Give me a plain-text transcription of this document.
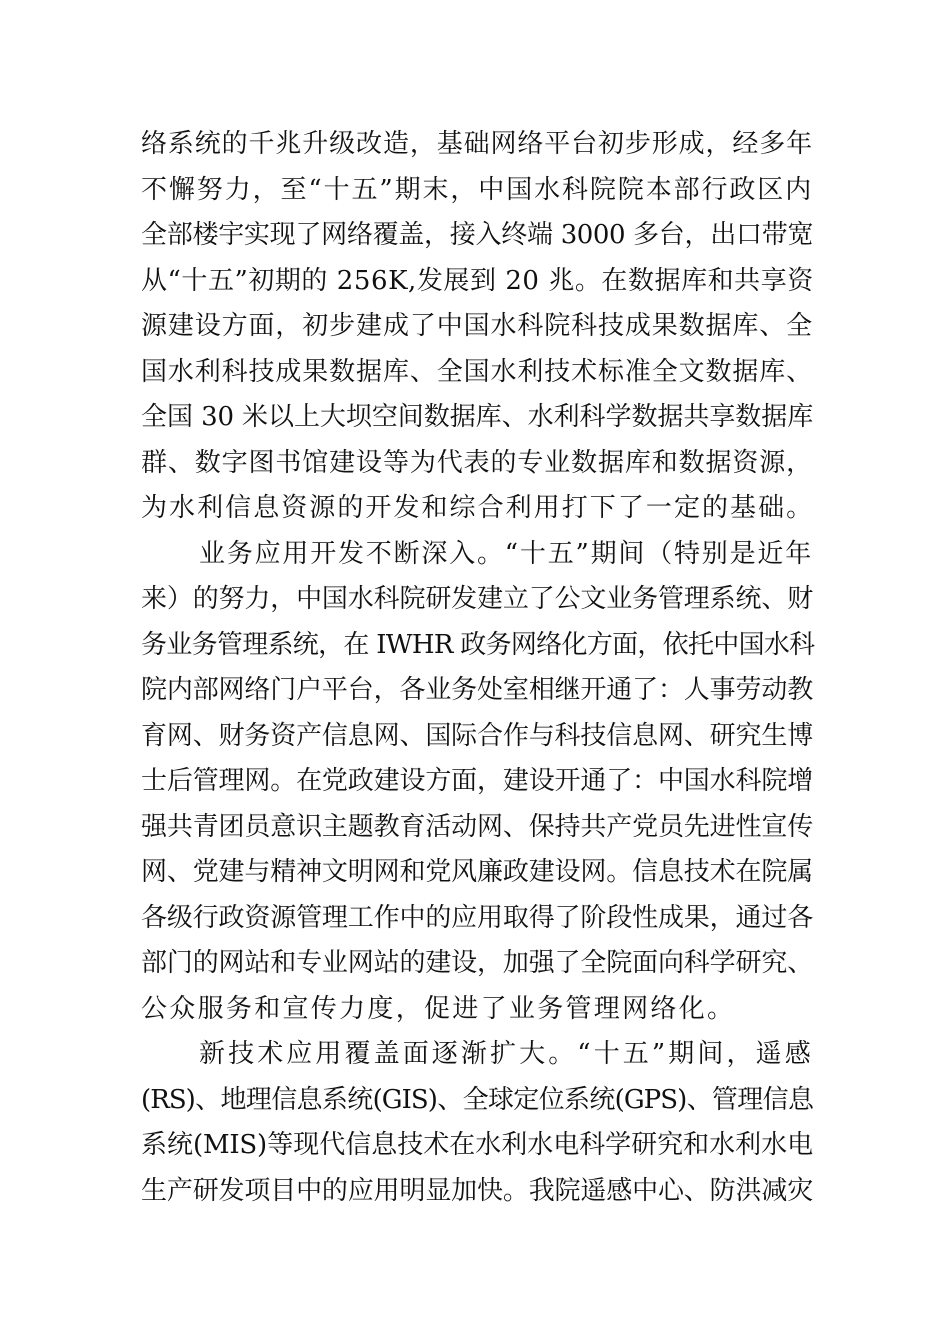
络系统的千兆升级改造，基础网络平台初步形成，经多年
不懈努力，至“十五”期末，中国水科院院本部行政区内
全部楼宇实现了网络覆盖，接入终端 3000 多台，出口带宽
从“十五”初期的 256K,发展到 20 兆。在数据库和共享资
源建设方面，初步建成了中国水科院科技成果数据库、全
国水利科技成果数据库、全国水利技术标准全文数据库、
全国 30 米以上大坝空间数据库、水利科学数据共享数据库
群、数字图书馆建设等为代表的专业数据库和数据资源，
为水利信息资源的开发和综合利用打下了一定的基础。
业务应用开发不断深入。“十五”期间（特别是近年
来）的努力，中国水科院研发建立了公文业务管理系统、财
务业务管理系统，在 IWHR 政务网络化方面，依托中国水科
院内部网络门户平台，各业务处室相继开通了：人事劳动教
育网、财务资产信息网、国际合作与科技信息网、研究生博
士后管理网。在党政建设方面，建设开通了：中国水科院增
强共青团员意识主题教育活动网、保持共产党员先进性宣传
网、党建与精神文明网和党风廉政建设网。信息技术在院属
各级行政资源管理工作中的应用取得了阶段性成果，通过各
部门的网站和专业网站的建设，加强了全院面向科学研究、
公众服务和宣传力度，促进了业务管理网络化。
新技术应用覆盖面逐渐扩大。“十五”期间，遥感
(RS)、地理信息系统(GIS)、全球定位系统(GPS)、管理信息
系统(MIS)等现代信息技术在水利水电科学研究和水利水电
生产研发项目中的应用明显加快。我院遥感中心、防洪减灾
